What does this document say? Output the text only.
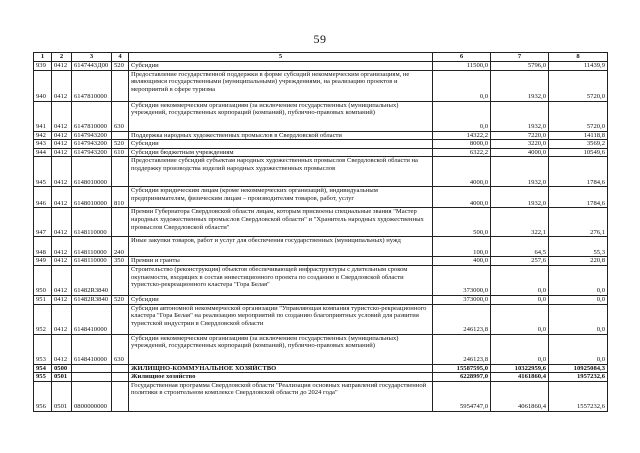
59
1	2	3	4	5	6	7	8
939	0412	6147443Д00	520	Субсидии	11500,0	5796,0	11439,9
940	0412	6147810000		Предоставление государственной поддержки в форме субсидий некоммерческим организациям, не являющимся государственными (муниципальными) учреждениями, на реализацию проектов и мероприятий в сфере туризма	0,0	1932,0	5720,0
941	0412	6147810000	630	Субсидии некоммерческим организациям (за исключением государственных (муниципальных) учреждений, государственных корпораций (компаний), публично-правовых компаний)	0,0	1932,0	5720,0
942	0412	6147943200		Поддержка народных художественных промыслов в Свердловской области	14322,2	7220,0	14118,8
943	0412	6147943200	520	Субсидии	8000,0	3220,0	3569,2
944	0412	6147943200	610	Субсидии бюджетным учреждениям	6322,2	4000,0	10549,6
945	0412	6148010000		Предоставление субсидий субъектам народных художественных промыслов Свердловской области на поддержку производства изделий народных художественных промыслов	4000,0	1932,0	1784,6
946	0412	6148010000	810	Субсидии юридическим лицам (кроме некоммерческих организаций), индивидуальным предпринимателям, физическим лицам – производителям товаров, работ, услуг	4000,0	1932,0	1784,6
947	0412	6148110000		Премии Губернатора Свердловской области лицам, которым присвоены специальные звания "Мастер народных художественных промыслов Свердловской области" и "Хранитель народных художественных промыслов Свердловской области"	500,0	322,1	276,1
948	0412	6148110000	240	Иные закупки товаров, работ и услуг для обеспечения государственных (муниципальных) нужд	100,0	64,5	55,3
949	0412	6148110000	350	Премии и гранты	400,0	257,6	220,8
950	0412	61482R3840		Строительство (реконструкция) объектов обеспечивающей инфраструктуры с длительным сроком окупаемости, входящих в состав инвестиционного проекта по созданию в Свердловской области туристско-рекреационного кластера "Гора Белая"	373000,0	0,0	0,0
951	0412	61482R3840	520	Субсидии	373000,0	0,0	0,0
952	0412	6148410000		Субсидия автономной некоммерческой организации "Управляющая компания туристско-рекреационного кластера "Гора Белая" на реализацию мероприятий по созданию благоприятных условий для развития туристской индустрии в Свердловской области	246123,8	0,0	0,0
953	0412	6148410000	630	Субсидии некоммерческим организациям (за исключением государственных (муниципальных) учреждений, государственных корпораций (компаний), публично-правовых компаний)	246123,8	0,0	0,0
954	0500			ЖИЛИЩНО-КОММУНАЛЬНОЕ ХОЗЯЙСТВО	15587595,0	10322959,6	10925084,3
955	0501			Жилищное хозяйство	6228997,0	4161860,4	1957232,6
956	0501	0800000000		Государственная программа Свердловской области "Реализация основных направлений государственной политики в строительном комплексе Свердловской области до 2024 года"	5954747,0	4061860,4	1557232,6
